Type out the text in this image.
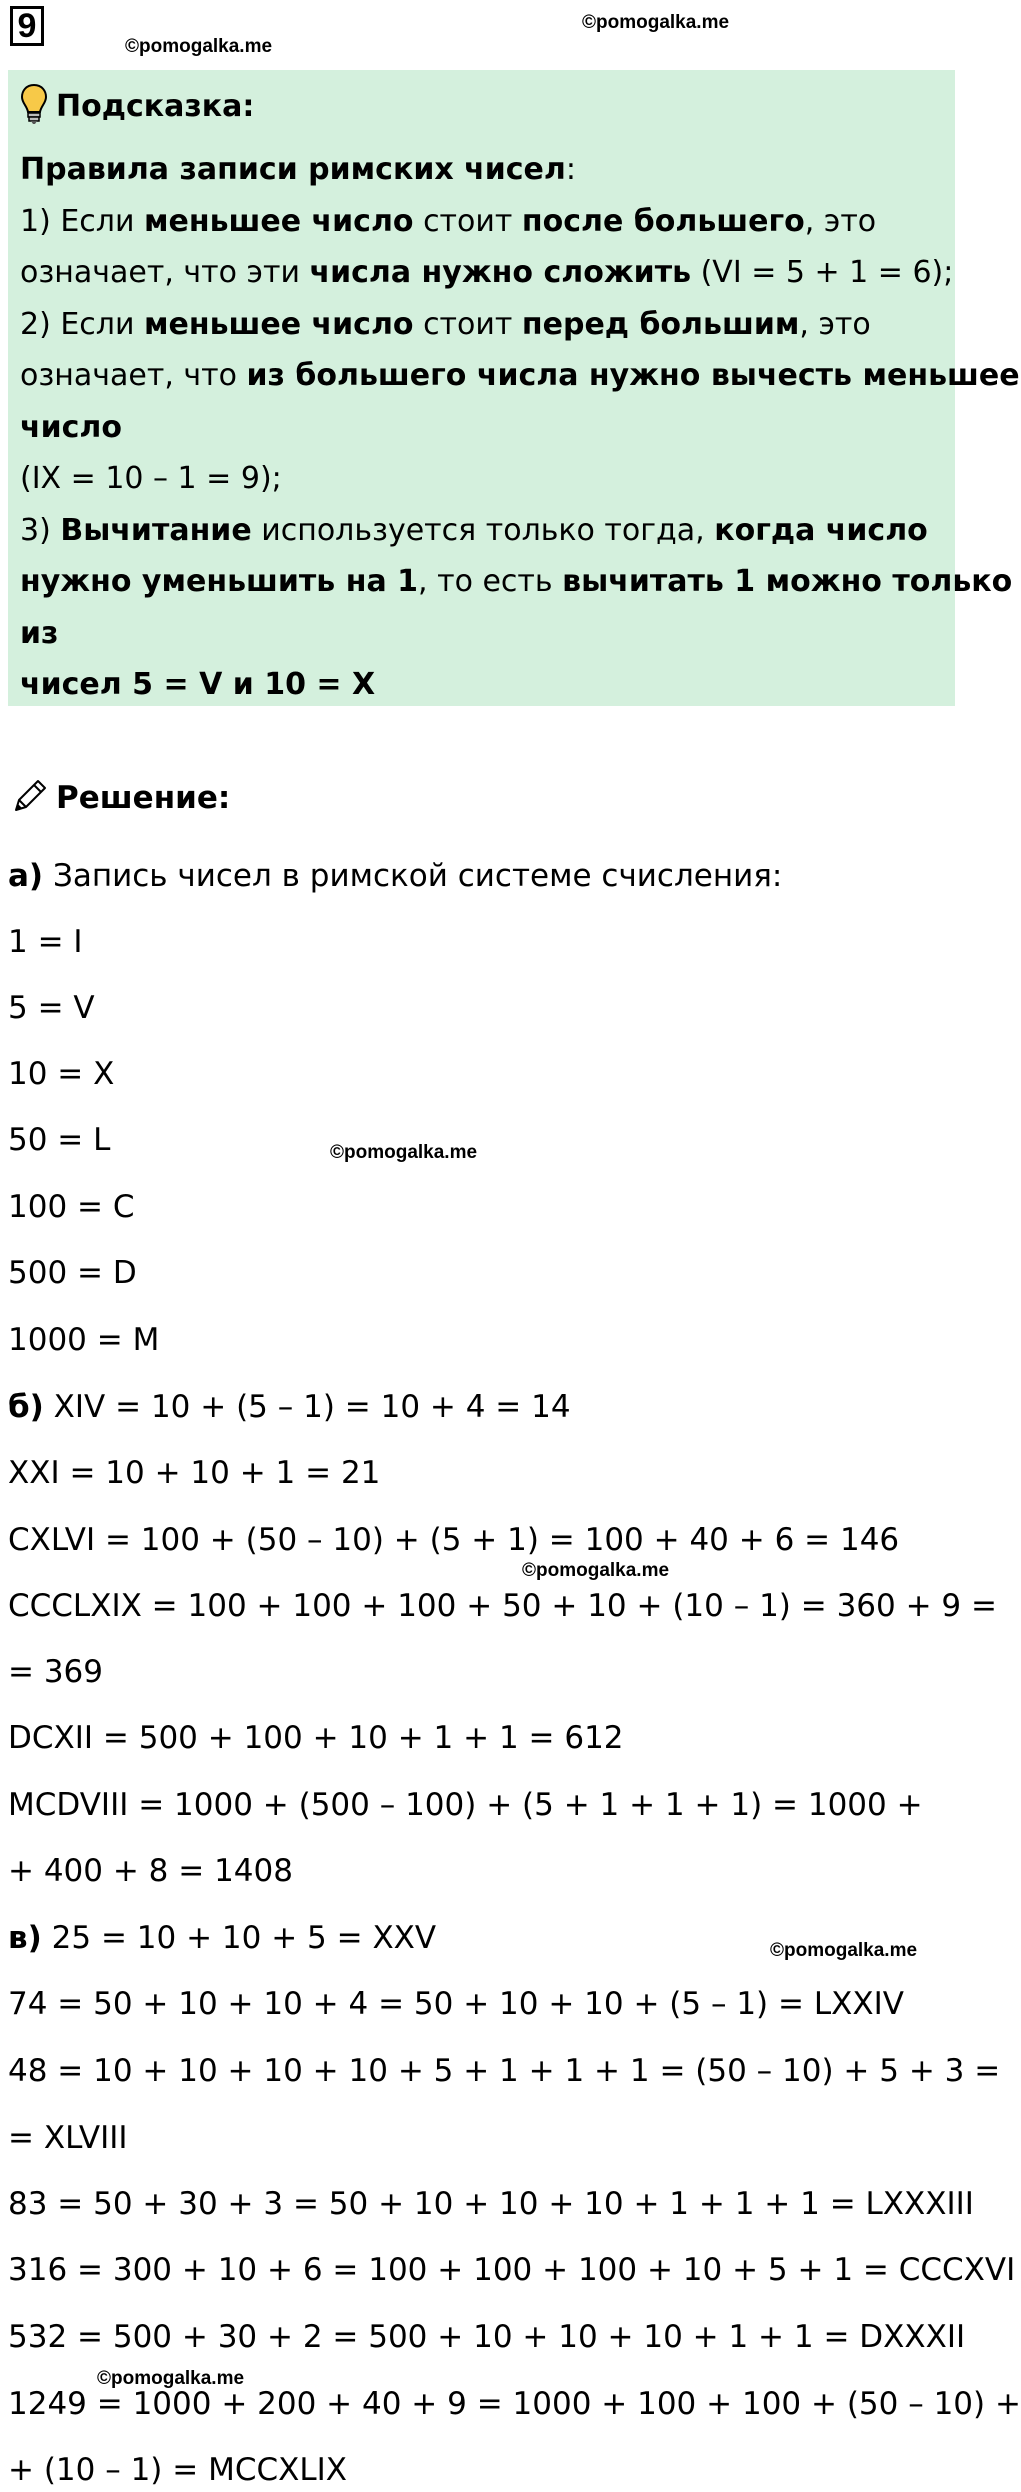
9
©pomogalka.me
©pomogalka.me
Подсказка:
Правила записи римских чисел:
1) Если меньшее число стоит после большего, это
означает, что эти числа нужно сложить (VI = 5 + 1 = 6);
2) Если меньшее число стоит перед большим, это
означает, что из большего числа нужно вычесть меньшее
число
(IX = 10 – 1 = 9);
3) Вычитание используется только тогда, когда число
нужно уменьшить на 1, то есть вычитать 1 можно только
из
чисел 5 = V и 10 = X
Решение:
а) Запись чисел в римской системе счисления:
1 = I
5 = V
10 = X
50 = L
100 = C
500 = D
1000 = M
©pomogalka.me
б) XIV = 10 + (5 – 1) = 10 + 4 = 14
XXI = 10 + 10 + 1 = 21
CXLVI = 100 + (50 – 10) + (5 + 1) = 100 + 40 + 6 = 146
CCCLXIX = 100 + 100 + 100 + 50 + 10 + (10 – 1) = 360 + 9 =
= 369
DCXII = 500 + 100 + 10 + 1 + 1 = 612
MCDVIII = 1000 + (500 – 100) + (5 + 1 + 1 + 1) = 1000 +
+ 400 + 8 = 1408
©pomogalka.me
в) 25 = 10 + 10 + 5 = XXV
74 = 50 + 10 + 10 + 4 = 50 + 10 + 10 + (5 – 1) = LXXIV
48 = 10 + 10 + 10 + 10 + 5 + 1 + 1 + 1 = (50 – 10) + 5 + 3 =
= XLVIII
83 = 50 + 30 + 3 = 50 + 10 + 10 + 10 + 1 + 1 + 1 = LXXXIII
316 = 300 + 10 + 6 = 100 + 100 + 100 + 10 + 5 + 1 = CCCXVI
532 = 500 + 30 + 2 = 500 + 10 + 10 + 10 + 1 + 1 = DXXXII
1249 = 1000 + 200 + 40 + 9 = 1000 + 100 + 100 + (50 – 10) +
+ (10 – 1) = MCCXLIX
©pomogalka.me
©pomogalka.me
